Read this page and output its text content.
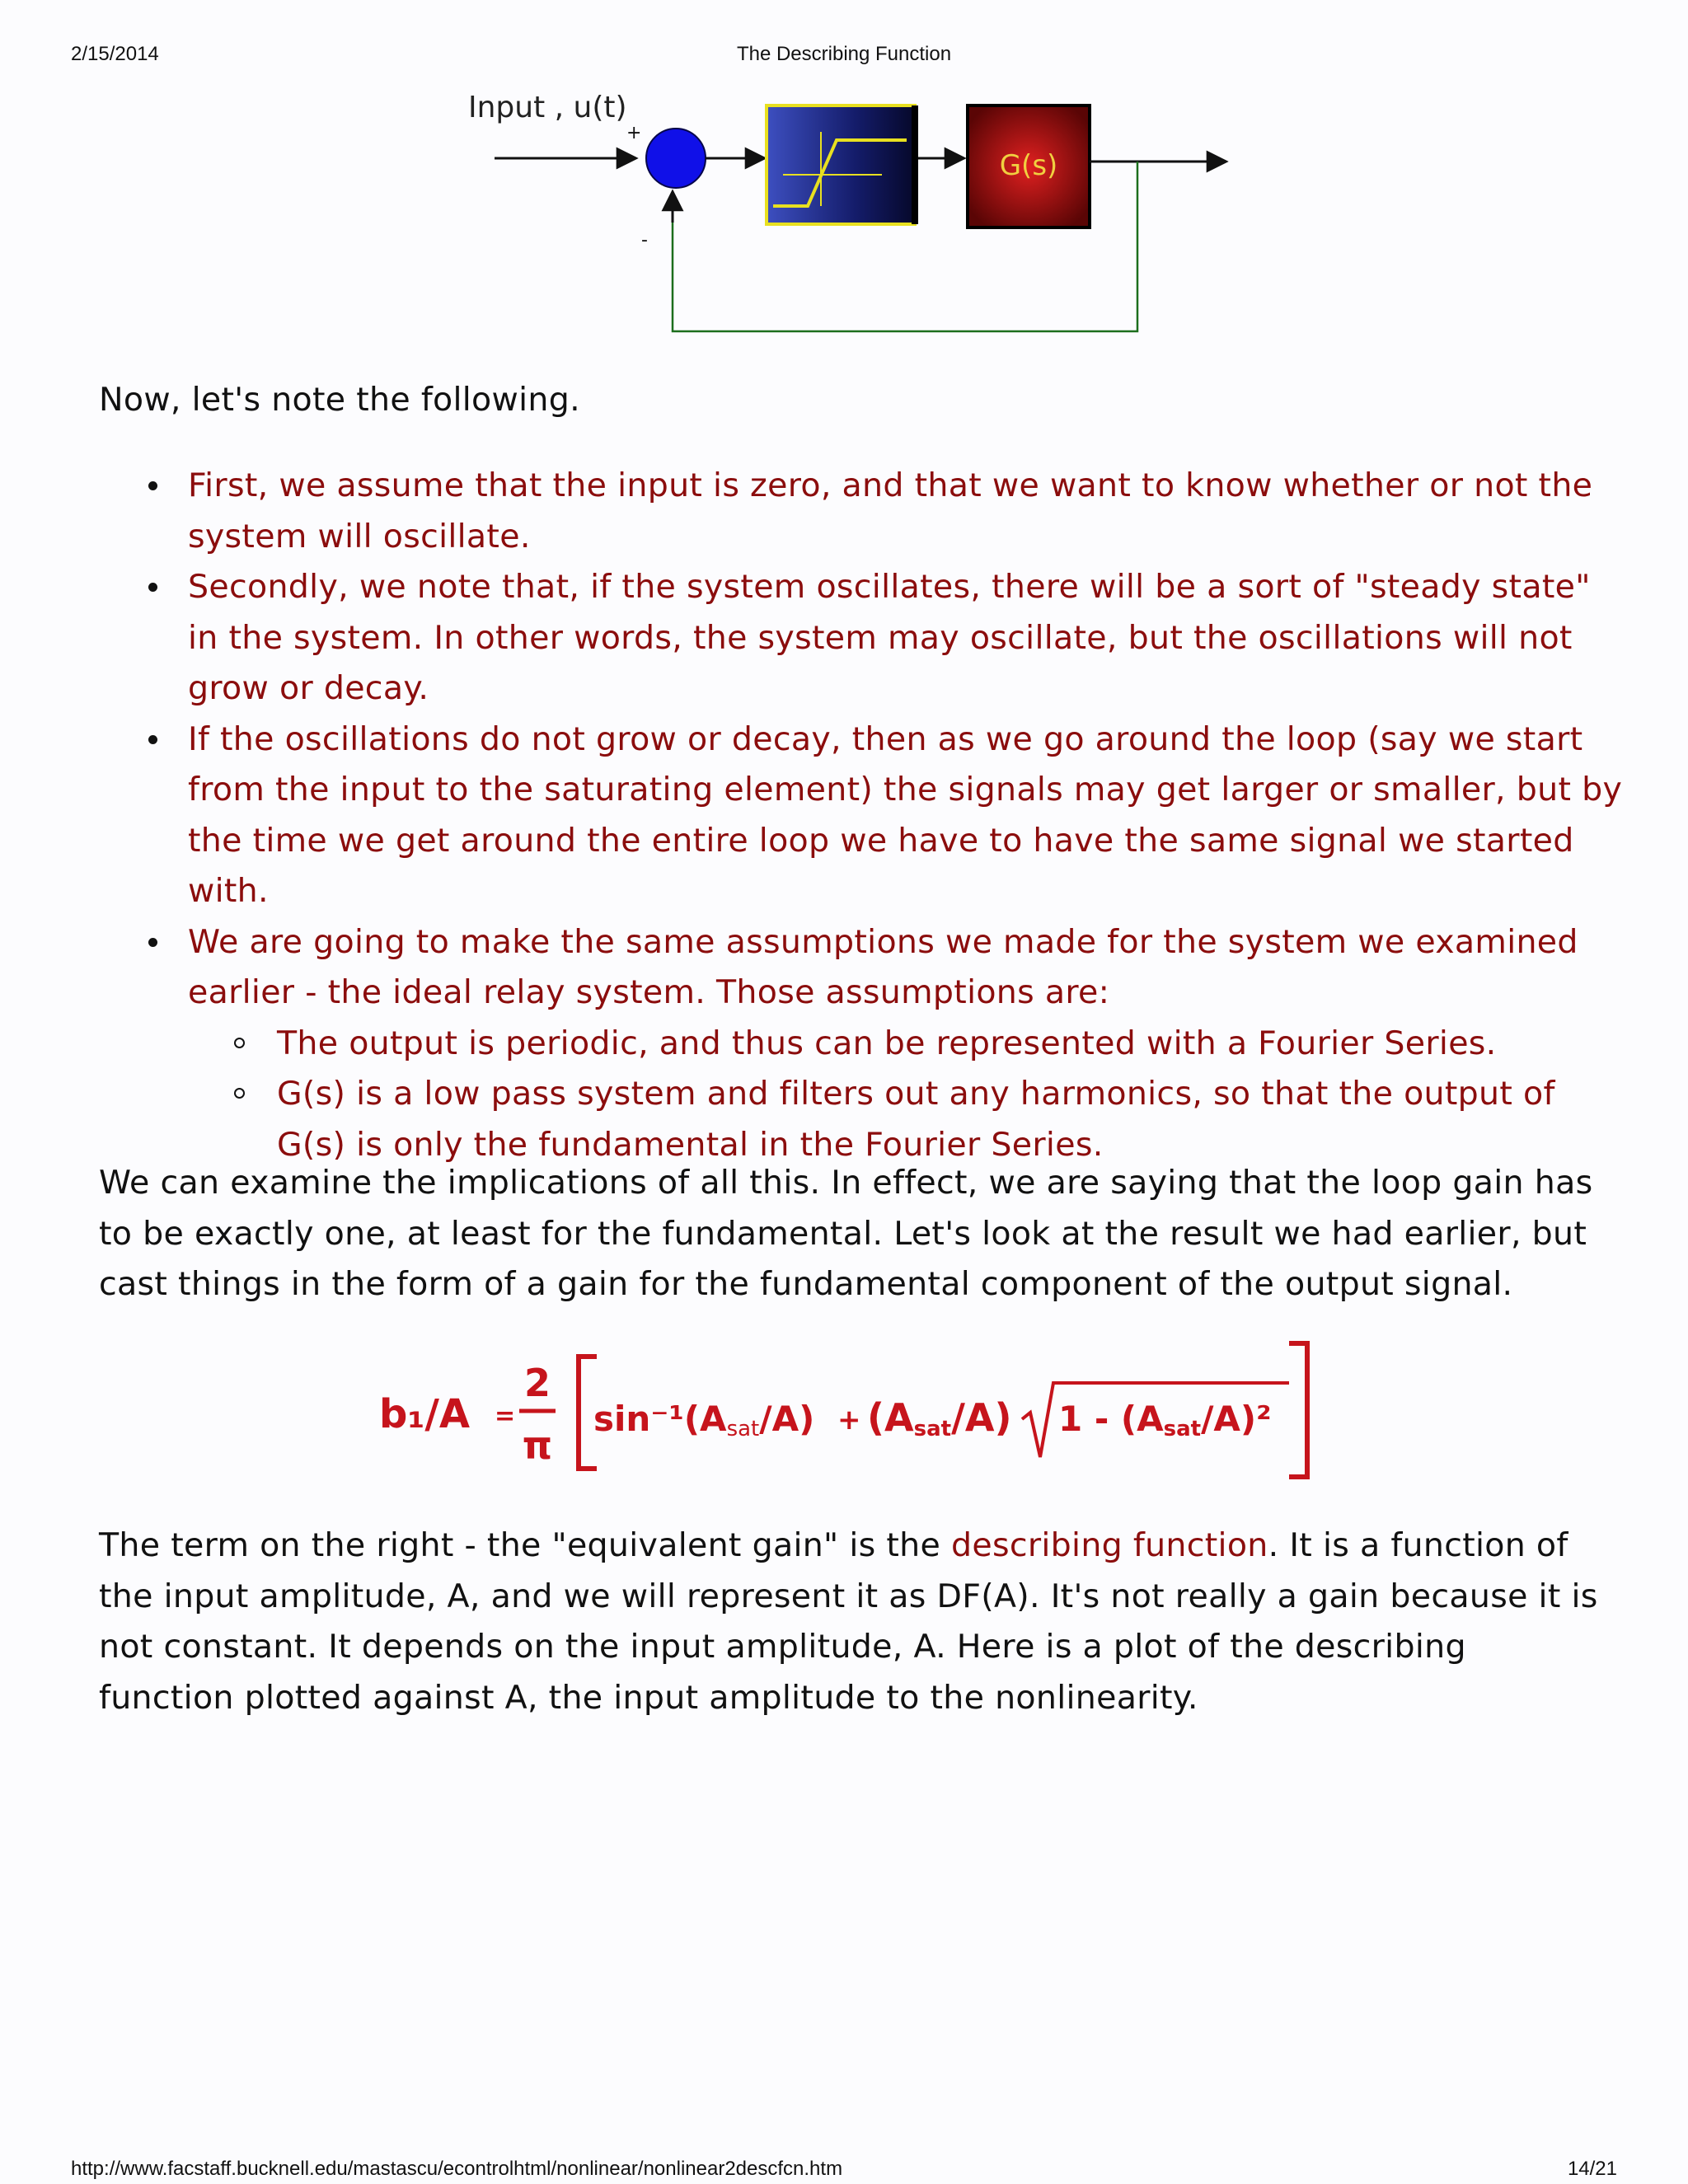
2/15/2014	The Describing Function
Input , u(t)
+
-
G(s)

Now, let's note the following.

First, we assume that the input is zero, and that we want to know whether or not the system will oscillate.
Secondly, we note that, if the system oscillates, there will be a sort of "steady state" in the system. In other words, the system may oscillate, but the oscillations will not grow or decay.
If the oscillations do not grow or decay, then as we go around the loop (say we start from the input to the saturating element) the signals may get larger or smaller, but by the time we get around the entire loop we have to have the same signal we started with.
We are going to make the same assumptions we made for the system we examined earlier - the ideal relay system. Those assumptions are:
The output is periodic, and thus can be represented with a Fourier Series.
G(s) is a low pass system and filters out any harmonics, so that the output of G(s) is only the fundamental in the Fourier Series.

We can examine the implications of all this. In effect, we are saying that the loop gain has to be exactly one, at least for the fundamental. Let's look at the result we had earlier, but cast things in the form of a gain for the fundamental component of the output signal.

b₁/A =
2
π
sin⁻¹(Asat/A) + (Asat/A) 1 - (Asat/A)²

The term on the right - the "equivalent gain" is the describing function. It is a function of the input amplitude, A, and we will represent it as DF(A). It's not really a gain because it is not constant. It depends on the input amplitude, A. Here is a plot of the describing function plotted against A, the input amplitude to the nonlinearity.

http://www.facstaff.bucknell.edu/mastascu/econtrolhtml/nonlinear/nonlinear2descfcn.htm	14/21
